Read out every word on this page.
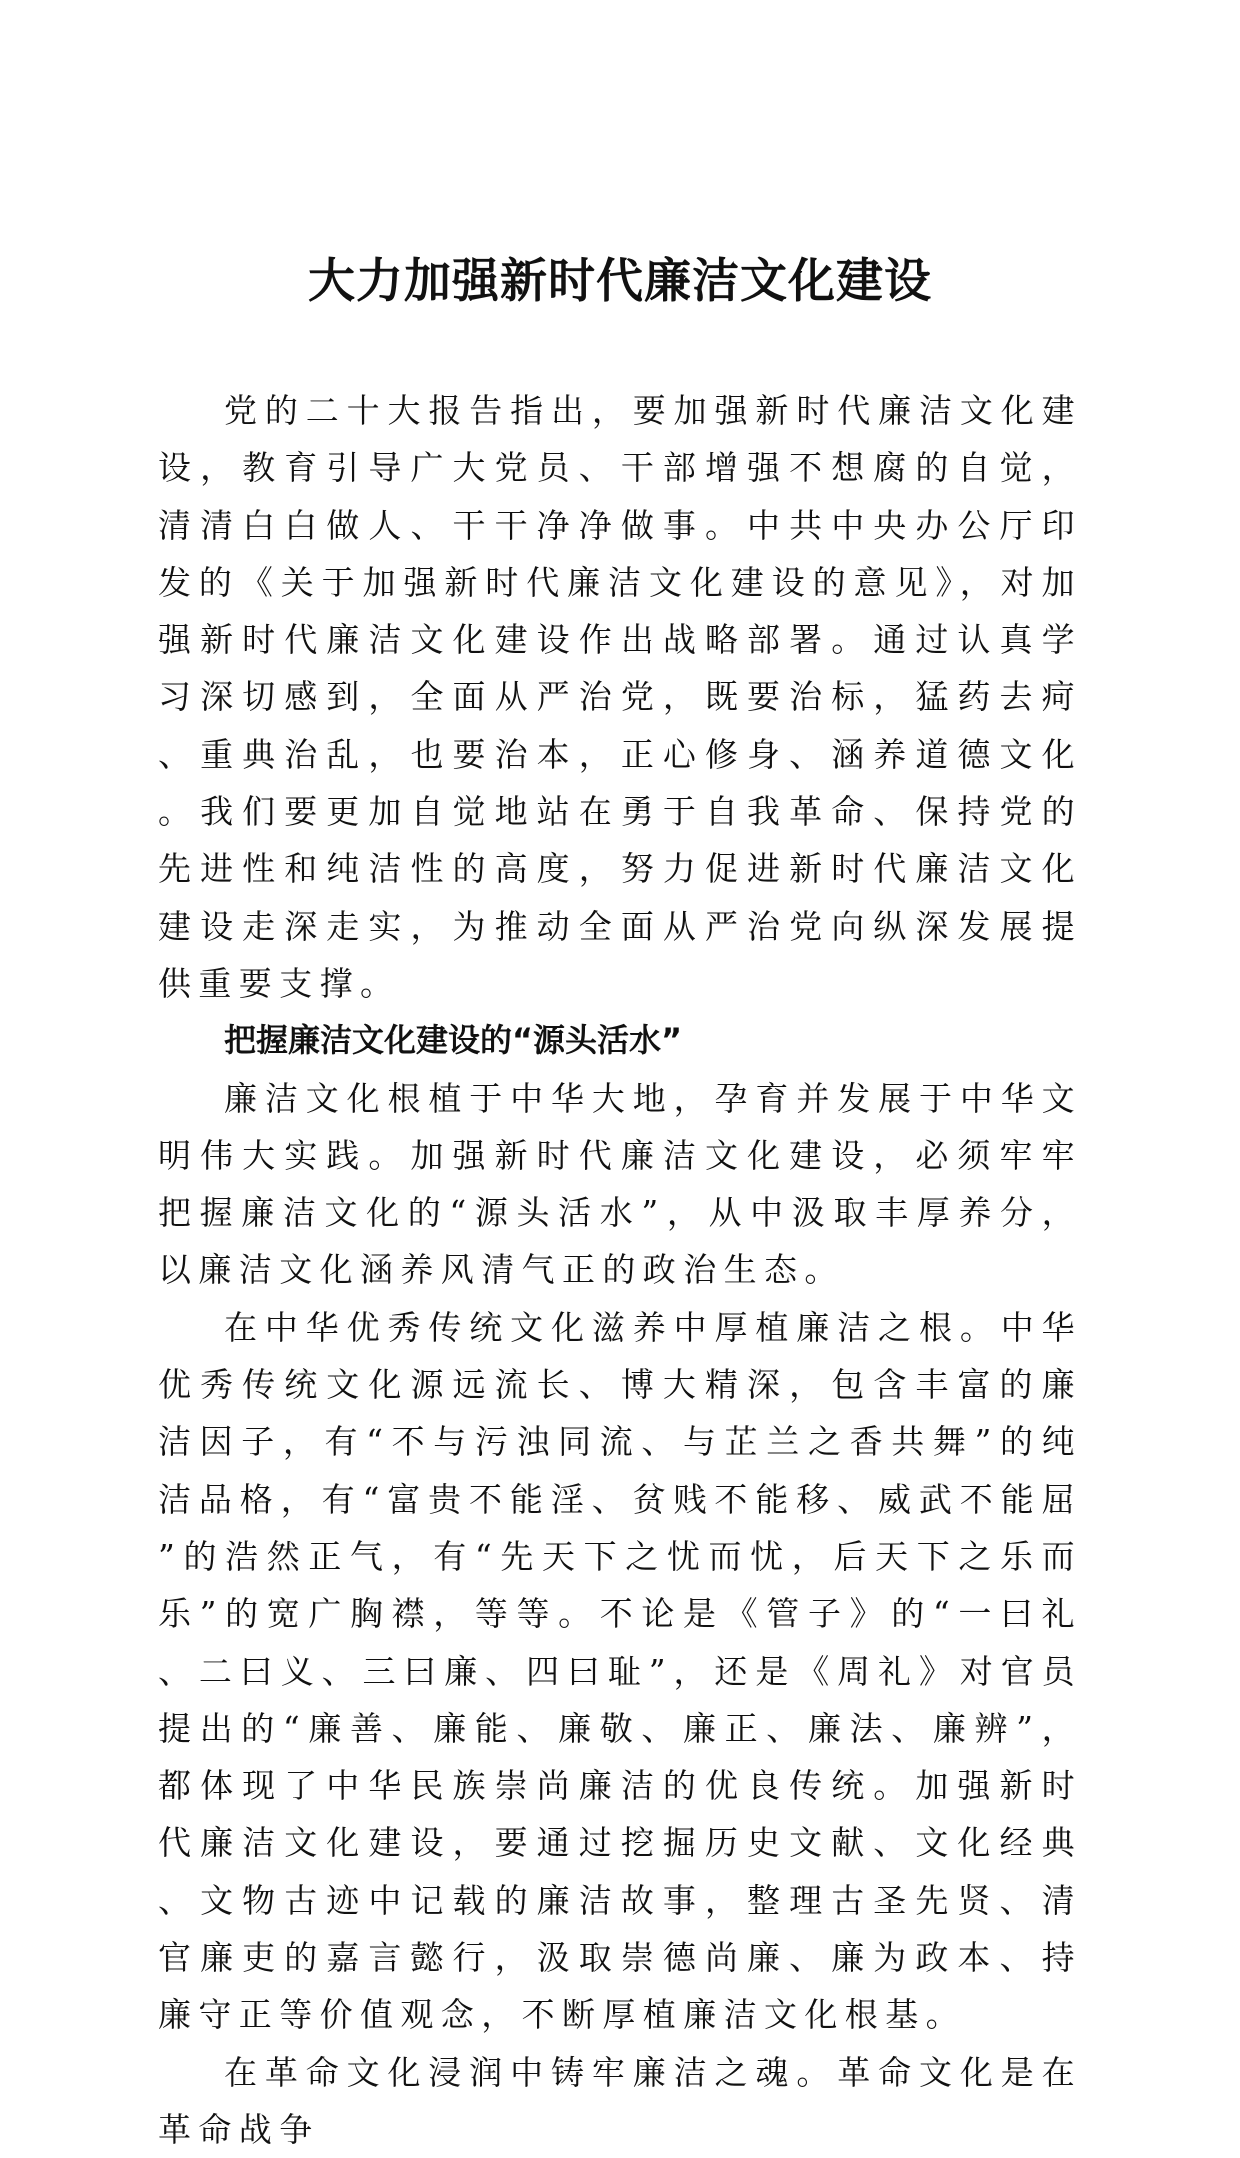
大力加强新时代廉洁文化建设

党的二十大报告指出，要加强新时代廉洁文化建设，教育引导广大党员、干部增强不想腐的自觉，清清白白做人、干干净净做事。中共中央办公厅印发的《关于加强新时代廉洁文化建设的意见》，对加强新时代廉洁文化建设作出战略部署。通过认真学习深切感到，全面从严治党，既要治标，猛药去疴、重典治乱，也要治本，正心修身、涵养道德文化。我们要更加自觉地站在勇于自我革命、保持党的先进性和纯洁性的高度，努力促进新时代廉洁文化建设走深走实，为推动全面从严治党向纵深发展提供重要支撑。

把握廉洁文化建设的“源头活水”

廉洁文化根植于中华大地，孕育并发展于中华文明伟大实践。加强新时代廉洁文化建设，必须牢牢把握廉洁文化的“源头活水”，从中汲取丰厚养分，以廉洁文化涵养风清气正的政治生态。

在中华优秀传统文化滋养中厚植廉洁之根。中华优秀传统文化源远流长、博大精深，包含丰富的廉洁因子，有“不与污浊同流、与芷兰之香共舞”的纯洁品格，有“富贵不能淫、贫贱不能移、威武不能屈”的浩然正气，有“先天下之忧而忧，后天下之乐而乐”的宽广胸襟，等等。不论是《管子》的“一曰礼、二曰义、三曰廉、四曰耻”，还是《周礼》对官员提出的“廉善、廉能、廉敬、廉正、廉法、廉辨”，都体现了中华民族崇尚廉洁的优良传统。加强新时代廉洁文化建设，要通过挖掘历史文献、文化经典、文物古迹中记载的廉洁故事，整理古圣先贤、清官廉吏的嘉言懿行，汲取崇德尚廉、廉为政本、持廉守正等价值观念，不断厚植廉洁文化根基。

在革命文化浸润中铸牢廉洁之魂。革命文化是在革命战争
